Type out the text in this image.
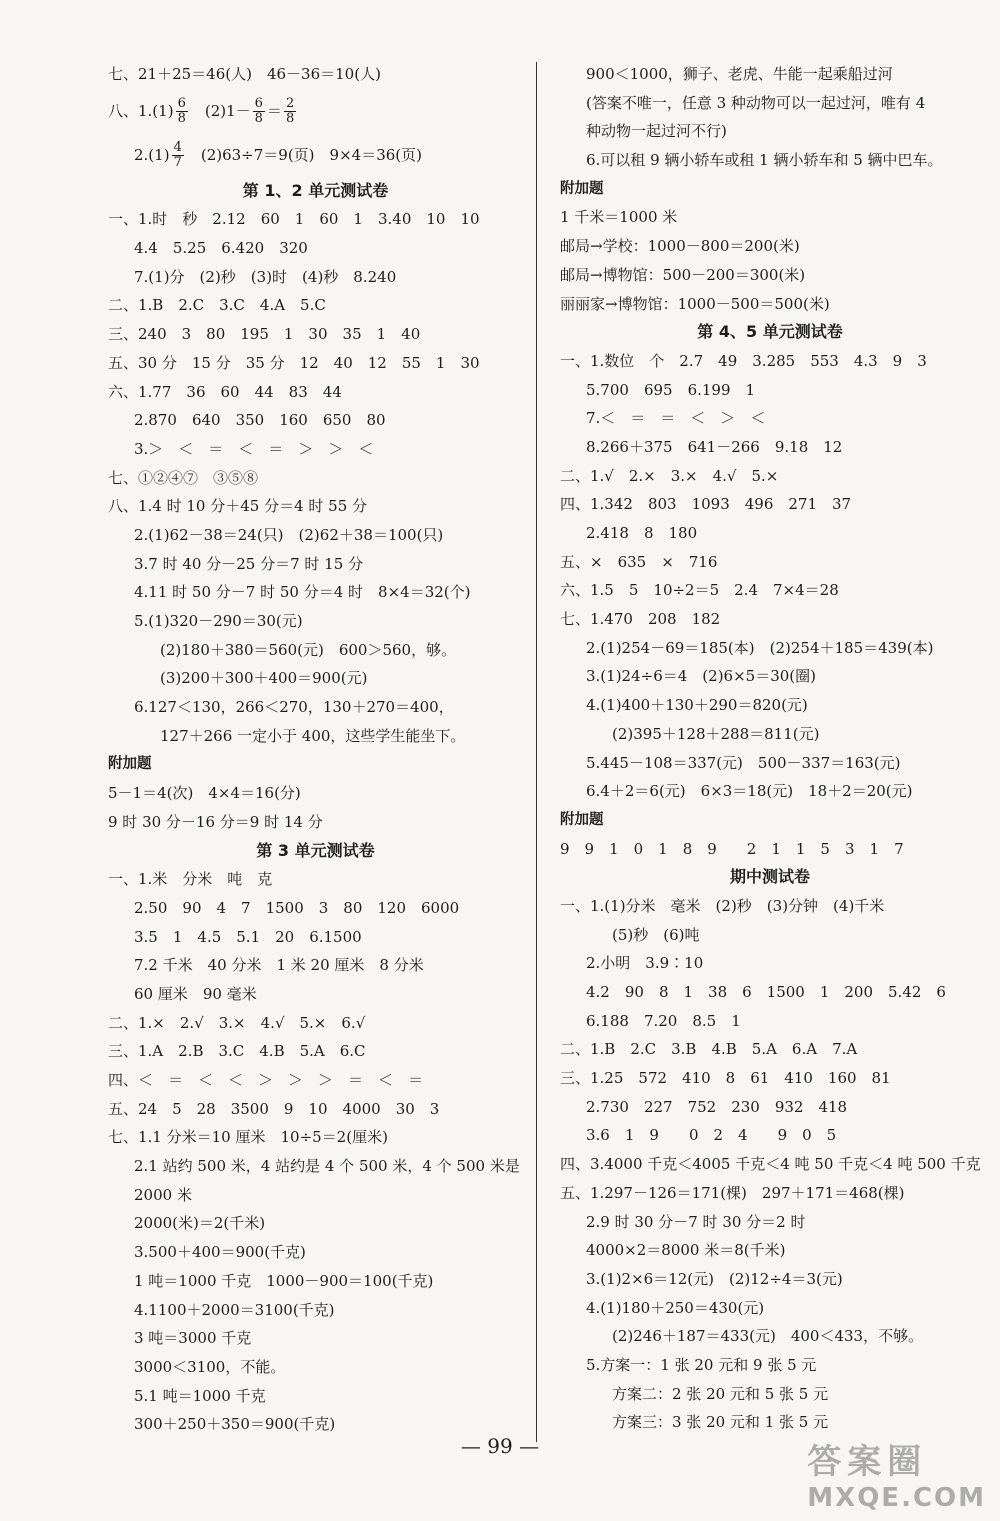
七、21＋25＝46(人)　46－36＝10(人)
八、$1.(1) \frac{6}{8}$ 　$(2)1- \frac{6}{8} = \frac{2}{8}$
$2.(1) \frac{4}{7}$ 　(2)63÷7＝9(页)　9×4＝36(页)
第 1、2 单元测试卷
一、1.时　秒　2.12　60　1　60　1　3.40　10　10
4.4　5.25　6.420　320
7.(1)分　(2)秒　(3)时　(4)秒　8.240
二、1.B　2.C　3.C　4.A　5.C
三、240　3　80　195　1　30　35　1　40
五、30 分　15 分　35 分　12　40　12　55　1　30
六、1.77　36　60　44　83　44
2.870　640　350　160　650　80
3.＞　＜　＝　＜　＝　＞　＞　＜
七、①②④⑦　③⑤⑧
八、1.4 时 10 分＋45 分＝4 时 55 分
2.(1)62－38＝24(只)　(2)62＋38＝100(只)
3.7 时 40 分－25 分＝7 时 15 分
4.11 时 50 分－7 时 50 分＝4 时　8×4＝32(个)
5.(1)320－290＝30(元)
(2)180＋380＝560(元)　600＞560，够。
(3)200＋300＋400＝900(元)
6.127＜130，266＜270，130＋270＝400，
127＋266 一定小于 400，这些学生能坐下。
附加题
5－1＝4(次)　4×4＝16(分)
9 时 30 分－16 分＝9 时 14 分
第 3 单元测试卷
一、1.米　分米　吨　克
2.50　90　4　7　1500　3　80　120　6000
3.5　1　4.5　5.1　20　6.1500
7.2 千米　40 分米　1 米 20 厘米　8 分米
60 厘米　90 毫米
二、1.×　2.√　3.×　4.√　5.×　6.√
三、1.A　2.B　3.C　4.B　5.A　6.C
四、＜　＝　＜　＜　＞　＞　＞　＝　＜　＝
五、24　5　28　3500　9　10　4000　30　3
七、1.1 分米＝10 厘米　10÷5＝2(厘米)
2.1 站约 500 米，4 站约是 4 个 500 米，4 个 500 米是
2000 米
2000(米)＝2(千米)
3.500＋400＝900(千克)
1 吨＝1000 千克　1000－900＝100(千克)
4.1100＋2000＝3100(千克)
3 吨＝3000 千克
3000＜3100，不能。
5.1 吨＝1000 千克
300＋250＋350＝900(千克)
900＜1000，狮子、老虎、牛能一起乘船过河
(答案不唯一，任意 3 种动物可以一起过河，唯有 4
种动物一起过河不行)
6.可以租 9 辆小轿车或租 1 辆小轿车和 5 辆中巴车。
附加题
1 千米＝1000 米
邮局→学校：1000－800＝200(米)
邮局→博物馆：500－200＝300(米)
丽丽家→博物馆：1000－500＝500(米)
第 4、5 单元测试卷
一、1.数位　个　2.7　49　3.285　553　4.3　9　3
5.700　695　6.199　1
7.＜　＝　＝　＜　＞　＜
8.266＋375　641－266　9.18　12
二、1.√　2.×　3.×　4.√　5.×
四、1.342　803　1093　496　271　37
2.418　8　180
五、×　635　×　716
六、1.5　5　10÷2＝5　2.4　7×4＝28
七、1.470　208　182
2.(1)254－69＝185(本)　(2)254＋185＝439(本)
3.(1)24÷6＝4　(2)6×5＝30(圈)
4.(1)400＋130＋290＝820(元)
(2)395＋128＋288＝811(元)
5.445－108＝337(元)　500－337＝163(元)
6.4＋2＝6(元)　6×3＝18(元)　18＋2＝20(元)
附加题
9　9　1　0　1　8　9　　2　1　1　5　3　1　7
期中测试卷
一、1.(1)分米　毫米　(2)秒　(3)分钟　(4)千米
(5)秒　(6)吨
2.小明　3.9∶10
4.2　90　8　1　38　6　1500　1　200　5.42　6
6.188　7.20　8.5　1
二、1.B　2.C　3.B　4.B　5.A　6.A　7.A
三、1.25　572　410　8　61　410　160　81
2.730　227　752　230　932　418
3.6　1　9　　0　2　4　　9　0　5
四、3.4000 千克＜4005 千克＜4 吨 50 千克＜4 吨 500 千克
五、1.297－126＝171(棵)　297＋171＝468(棵)
2.9 时 30 分－7 时 30 分＝2 时
4000×2＝8000 米＝8(千米)
3.(1)2×6＝12(元)　(2)12÷4＝3(元)
4.(1)180＋250＝430(元)
(2)246＋187＝433(元)　400＜433，不够。
5.方案一：1 张 20 元和 9 张 5 元
方案二：2 张 20 元和 5 张 5 元
方案三：3 张 20 元和 1 张 5 元
— 99 —	答案圈
MXQE.COM
